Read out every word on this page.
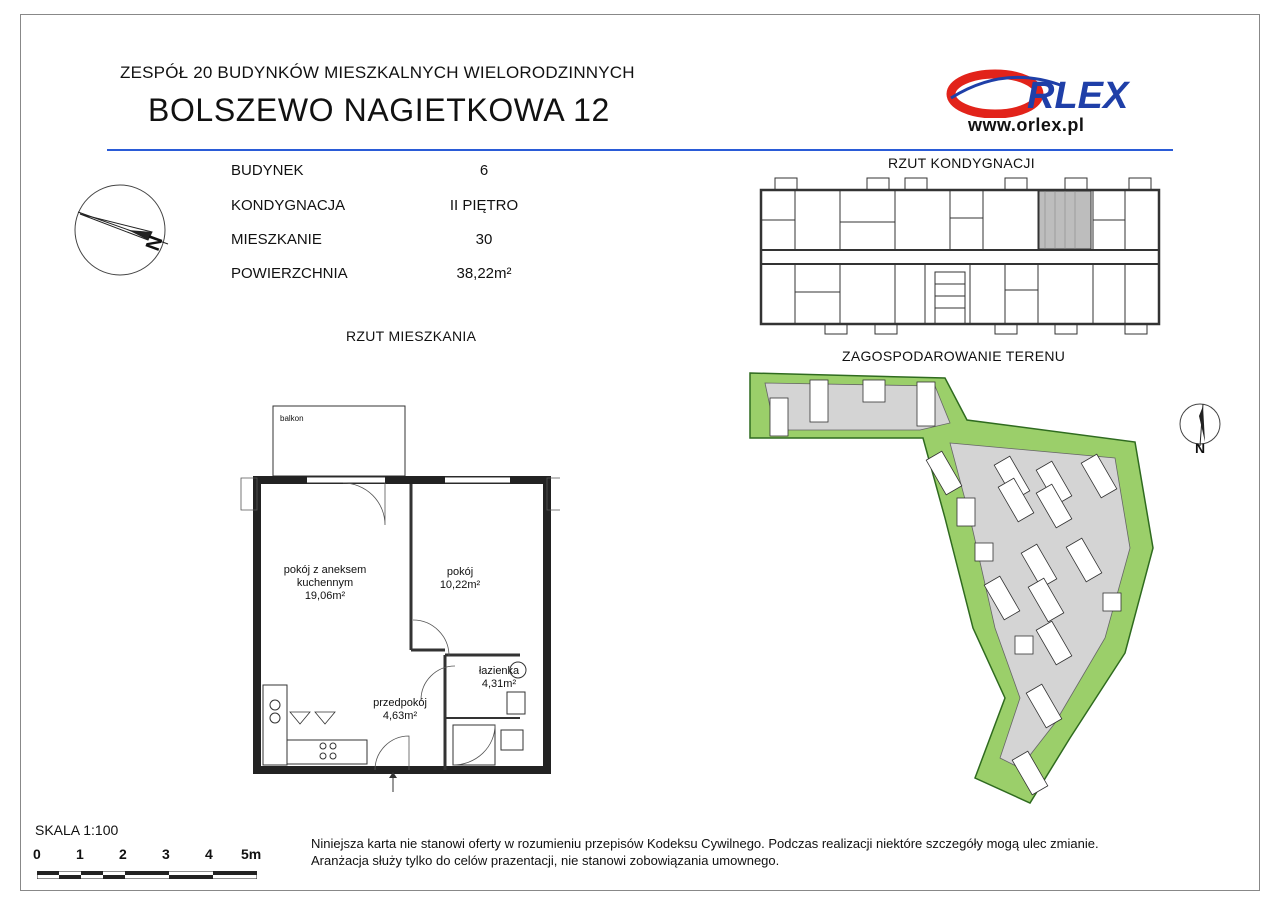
ZESPÓŁ 20 BUDYNKÓW MIESZKALNYCH WIELORODZINNYCH
BOLSZEWO NAGIETKOWA 12	RLEX
www.orlex.pl
N
BUDYNEK	6
KONDYGNACJA	II PIĘTRO
MIESZKANIE	30
POWIERZCHNIA	38,22m²
RZUT MIESZKANIA
RZUT KONDYGNACJI
ZAGOSPODAROWANIE TERENU
N
balkon
pokój z aneksem
kuchennym
19,06m²
pokój
10,22m²
łazienka
4,31m²
przedpokój
4,63m²
SKALA 1:100
0	1	2	3	4 5m
Niniejsza karta nie stanowi oferty w rozumieniu przepisów Kodeksu Cywilnego. Podczas realizacji niektóre szczegóły mogą ulec zmianie.
Aranżacja służy tylko do celów prazentacji, nie stanowi zobowiązania umownego.
